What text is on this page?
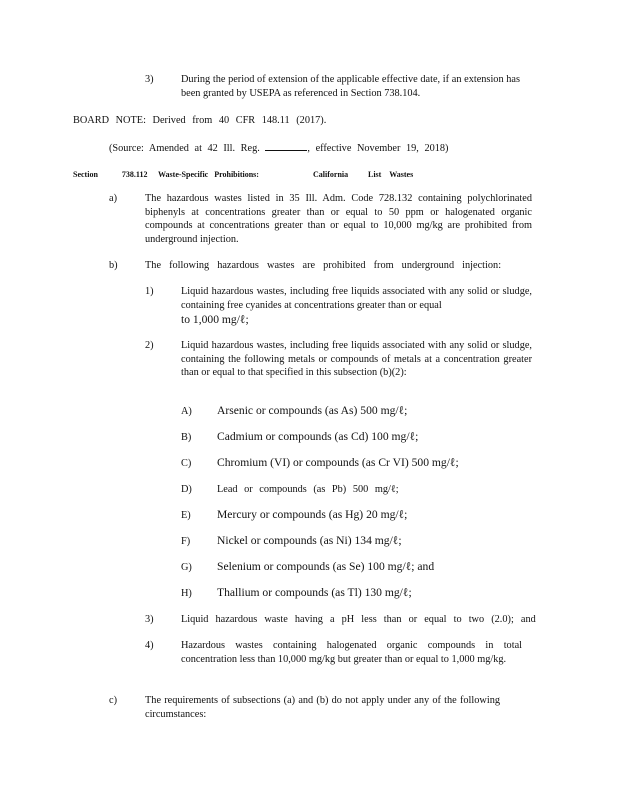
3)	During the period of extension of the applicable effective date, if an extension has been granted by USEPA as referenced in Section 738.104.
BOARD NOTE: Derived from 40 CFR 148.11 (2017).
(Source: Amended at 42 Ill. Reg.	, effective November 19, 2018)
Section 738.112 Waste-Specific Prohibitions:	California List Wastes
a)	The hazardous wastes listed in 35 Ill. Adm. Code 728.132 containing polychlorinated biphenyls at concentrations greater than or equal to 50 ppm or halogenated organic compounds at concentrations greater than or equal to 10,000 mg/kg are prohibited from underground injection.
b)	The following hazardous wastes are prohibited from underground injection:
1)	Liquid hazardous wastes, including free liquids associated with any solid or sludge, containing free cyanides at concentrations greater than or equal
to 1,000 mg/ℓ;
2)	Liquid hazardous wastes, including free liquids associated with any solid or sludge, containing the following metals or compounds of metals at a concentration greater than or equal to that specified in this subsection (b)(2):
A) Arsenic or compounds (as As) 500 mg/ℓ;
B) Cadmium or compounds (as Cd) 100 mg/ℓ;
C) Chromium (VI) or compounds (as Cr VI) 500 mg/ℓ;
D) Lead or compounds (as Pb) 500 mg/ℓ;
E) Mercury or compounds (as Hg) 20 mg/ℓ;
F) Nickel or compounds (as Ni) 134 mg/ℓ;
G) Selenium or compounds (as Se) 100 mg/ℓ; and
H) Thallium or compounds (as Tl) 130 mg/ℓ;
3)	Liquid hazardous waste having a pH less than or equal to two (2.0); and
4)	Hazardous wastes containing halogenated organic compounds in total concentration less than 10,000 mg/kg but greater than or equal to 1,000 mg/kg.
c)	The requirements of subsections (a) and (b) do not apply under any of the following circumstances:
